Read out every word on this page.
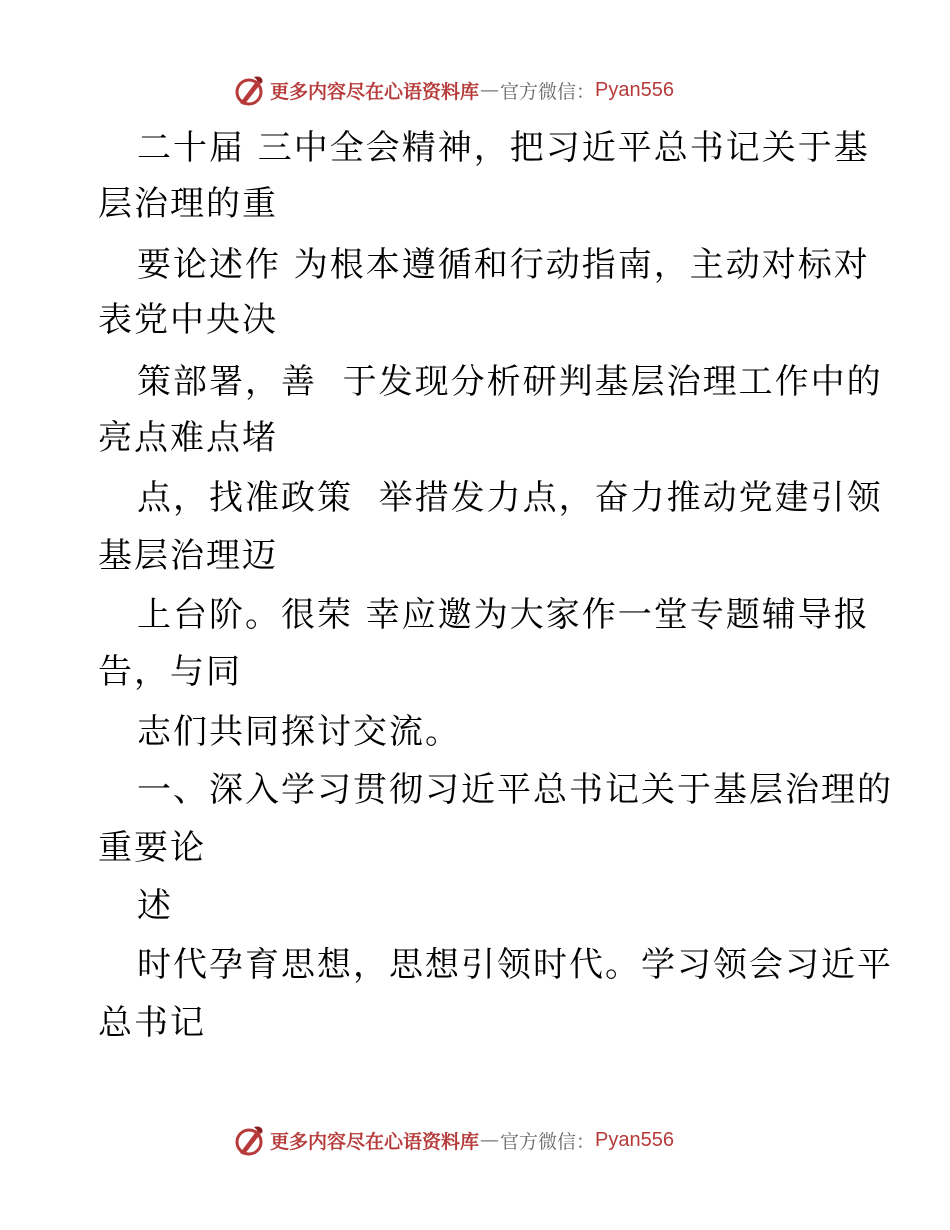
更多内容尽在心语资料库 — 官方微信： Pyan556
二十届 三中全会精神，把习近平总书记关于基
层治理的重
要论述作 为根本遵循和行动指南，主动对标对
表党中央决
策部署，善  于发现分析研判基层治理工作中的
亮点难点堵
点，找准政策  举措发力点，奋力推动党建引领
基层治理迈
上台阶。很荣 幸应邀为大家作一堂专题辅导报
告，与同
志们共同探讨交流。
一、深入学习贯彻习近平总书记关于基层治理的
重要论
述
时代孕育思想，思想引领时代。学习领会习近平
总书记
更多内容尽在心语资料库 — 官方微信： Pyan556
